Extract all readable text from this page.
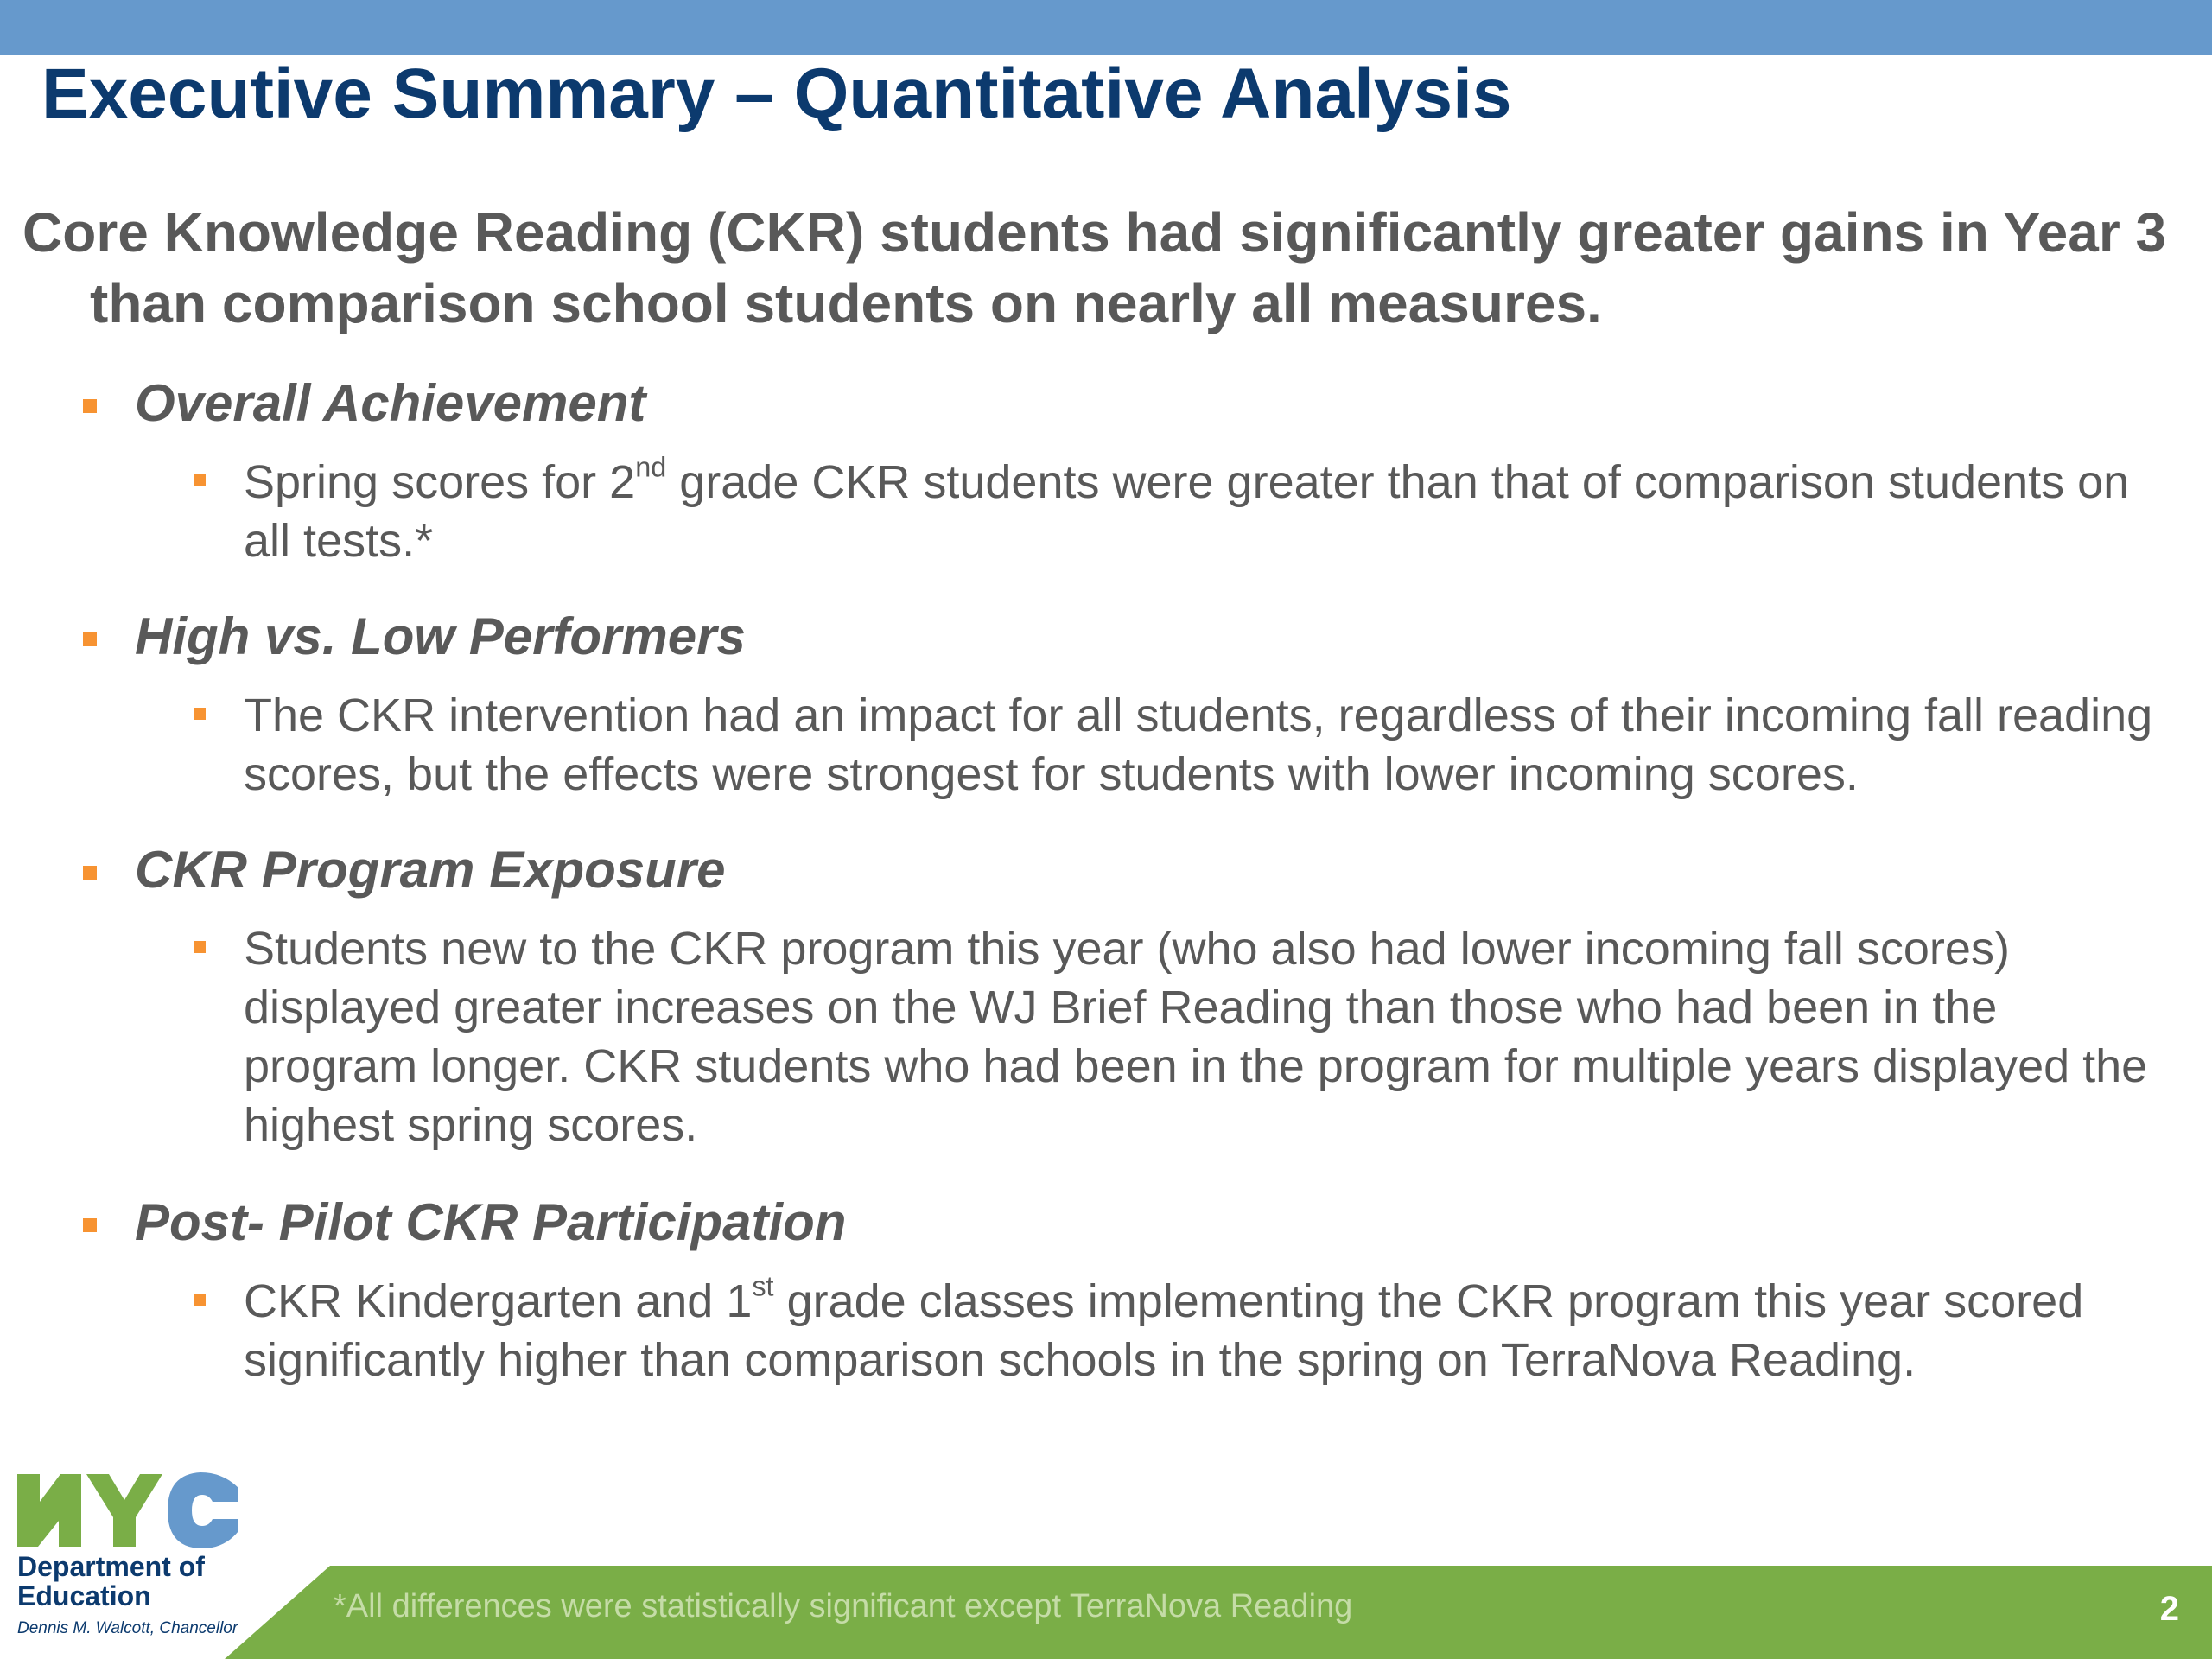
Executive Summary – Quantitative Analysis
Core Knowledge Reading (CKR) students had significantly greater gains in Year 3 than comparison school students on nearly all measures.
Overall Achievement
Spring scores for 2nd grade CKR students were greater than that of comparison students on all tests.*
High vs. Low Performers
The CKR intervention had an impact for all students, regardless of their incoming fall reading scores, but the effects were strongest for students with lower incoming scores.
CKR Program Exposure
Students new to the CKR program this year (who also had lower incoming fall scores) displayed greater increases on the WJ Brief Reading than those who had been in the program longer. CKR students who had been in the program for multiple years displayed the highest spring scores.
Post- Pilot CKR Participation
CKR Kindergarten and 1st grade classes implementing the CKR program this year scored significantly higher than comparison schools in the spring on TerraNova Reading.
*All differences were statistically significant except TerraNova Reading	2
Department of Education
Dennis M. Walcott, Chancellor
